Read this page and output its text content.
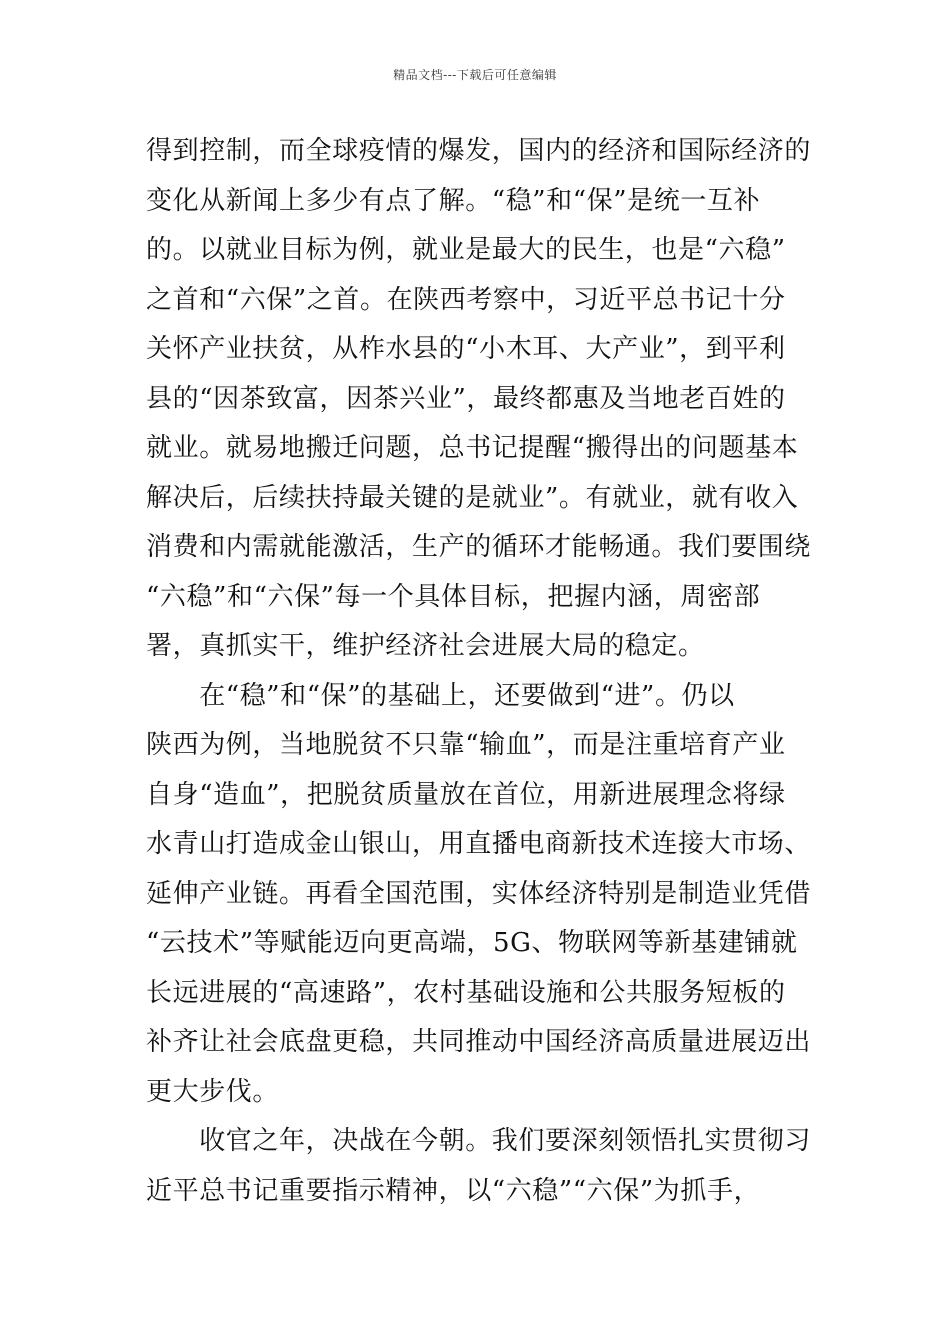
精品文档---下载后可任意编辑
得到控制，而全球疫情的爆发，国内的经济和国际经济的
变化从新闻上多少有点了解。“稳”和“保”是统一互补
的。以就业目标为例，就业是最大的民生，也是“六稳”
之首和“六保”之首。在陕西考察中，习近平总书记十分
关怀产业扶贫，从柞水县的“小木耳、大产业”，到平利
县的“因茶致富，因茶兴业”，最终都惠及当地老百姓的
就业。就易地搬迁问题，总书记提醒“搬得出的问题基本
解决后，后续扶持最关键的是就业”。有就业，就有收入
消费和内需就能激活，生产的循环才能畅通。我们要围绕
“六稳”和“六保”每一个具体目标，把握内涵，周密部
署，真抓实干，维护经济社会进展大局的稳定。
　　在“稳”和“保”的基础上，还要做到“进”。仍以
陕西为例，当地脱贫不只靠“输血”，而是注重培育产业
自身“造血”，把脱贫质量放在首位，用新进展理念将绿
水青山打造成金山银山，用直播电商新技术连接大市场、
延伸产业链。再看全国范围，实体经济特别是制造业凭借
“云技术”等赋能迈向更高端，5G、物联网等新基建铺就
长远进展的“高速路”，农村基础设施和公共服务短板的
补齐让社会底盘更稳，共同推动中国经济高质量进展迈出
更大步伐。
　　收官之年，决战在今朝。我们要深刻领悟扎实贯彻习
近平总书记重要指示精神，以“六稳”“六保”为抓手，
